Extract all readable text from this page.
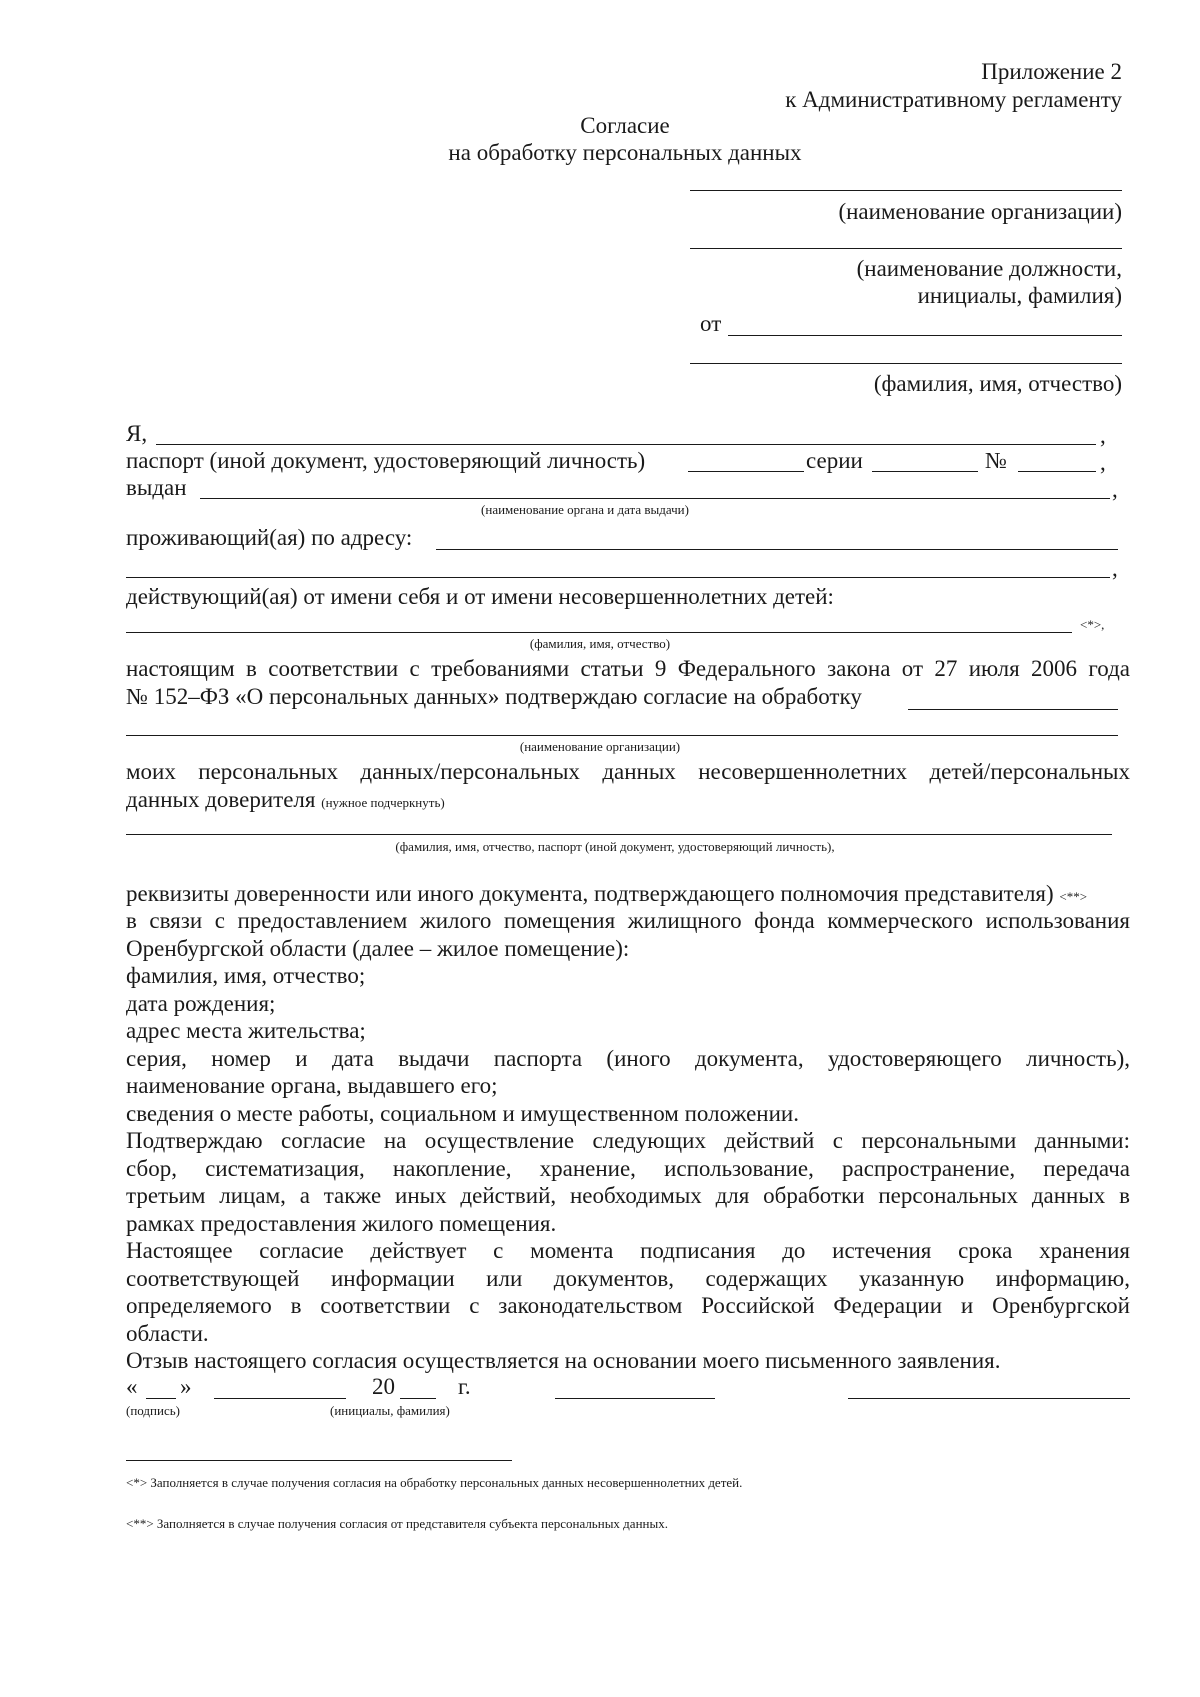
Приложение 2
к Административному регламенту
Согласие
на обработку персональных данных
(наименование организации)
(наименование должности,
инициалы, фамилия)
от
(фамилия, имя, отчество)
Я,	,
паспорт (иной документ, удостоверяющий личность)	серии	№	,
выдан	,
(наименование органа и дата выдачи)
проживающий(ая) по адресу:
,
действующий(ая) от имени себя и от имени несовершеннолетних детей:
<*>,
(фамилия, имя, отчество)
настоящим в соответствии с требованиями статьи 9 Федерального закона от 27 июля 2006 года
№ 152–ФЗ «О персональных данных» подтверждаю согласие на обработку
(наименование организации)
моих персональных данных/персональных данных несовершеннолетних детей/персональных
данных доверителя (нужное подчеркнуть)
(фамилия, имя, отчество, паспорт (иной документ, удостоверяющий личность),
реквизиты доверенности или иного документа, подтверждающего полномочия представителя) <**>
в связи с предоставлением жилого помещения жилищного фонда коммерческого использования
Оренбургской области (далее – жилое помещение):
фамилия, имя, отчество;
дата рождения;
адрес места жительства;
серия, номер и дата выдачи паспорта (иного документа, удостоверяющего личность),
наименование органа, выдавшего его;
сведения о месте работы, социальном и имущественном положении.
Подтверждаю согласие на осуществление следующих действий с персональными данными:
сбор, систематизация, накопление, хранение, использование, распространение, передача
третьим лицам, а также иных действий, необходимых для обработки персональных данных в
рамках предоставления жилого помещения.
Настоящее согласие действует с момента подписания до истечения срока хранения
соответствующей информации или документов, содержащих указанную информацию,
определяемого в соответствии с законодательством Российской Федерации и Оренбургской
области.
Отзыв настоящего согласия осуществляется на основании моего письменного заявления.
« »	20	г.
(подпись)	(инициалы, фамилия)
<*> Заполняется в случае получения согласия на обработку персональных данных несовершеннолетних детей.
<**> Заполняется в случае получения согласия от представителя субъекта персональных данных.
